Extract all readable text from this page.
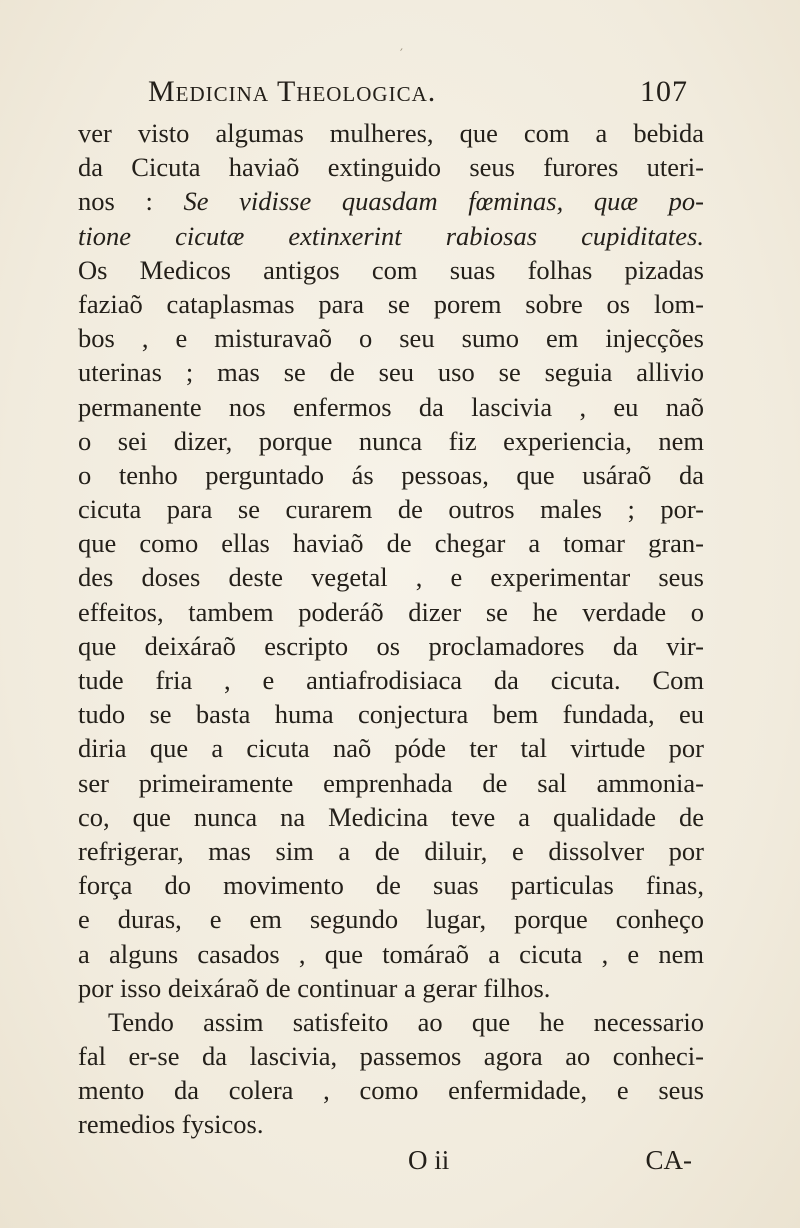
′
Medicina Theologica.	107
ver visto algumas mulheres, que com a bebida
da Cicuta haviaõ extinguido seus furores uteri-
nos : Se vidisse quasdam fœminas, quæ po-
tione cicutæ extinxerint rabiosas cupiditates.
Os Medicos antigos com suas folhas pizadas
faziaõ cataplasmas para se porem sobre os lom-
bos , e misturavaõ o seu sumo em injecções
uterinas ; mas se de seu uso se seguia allivio
permanente nos enfermos da lascivia , eu naõ
o sei dizer, porque nunca fiz experiencia, nem
o tenho perguntado ás pessoas, que usáraõ da
cicuta para se curarem de outros males ; por-
que como ellas haviaõ de chegar a tomar gran-
des doses deste vegetal , e experimentar seus
effeitos, tambem poderáõ dizer se he verdade o
que deixáraõ escripto os proclamadores da vir-
tude fria , e antiafrodisiaca da cicuta. Com
tudo se basta huma conjectura bem fundada, eu
diria que a cicuta naõ póde ter tal virtude por
ser primeiramente emprenhada de sal ammonia-
co, que nunca na Medicina teve a qualidade de
refrigerar, mas sim a de diluir, e dissolver por
força do movimento de suas particulas finas,
e duras, e em segundo lugar, porque conheço
a alguns casados , que tomáraõ a cicuta , e nem
por isso deixáraõ de continuar a gerar filhos.
Tendo assim satisfeito ao que he necessario
fal er-se da lascivia, passemos agora ao conheci-
mento da colera , como enfermidade, e seus
remedios fysicos.
O ii	CA-
